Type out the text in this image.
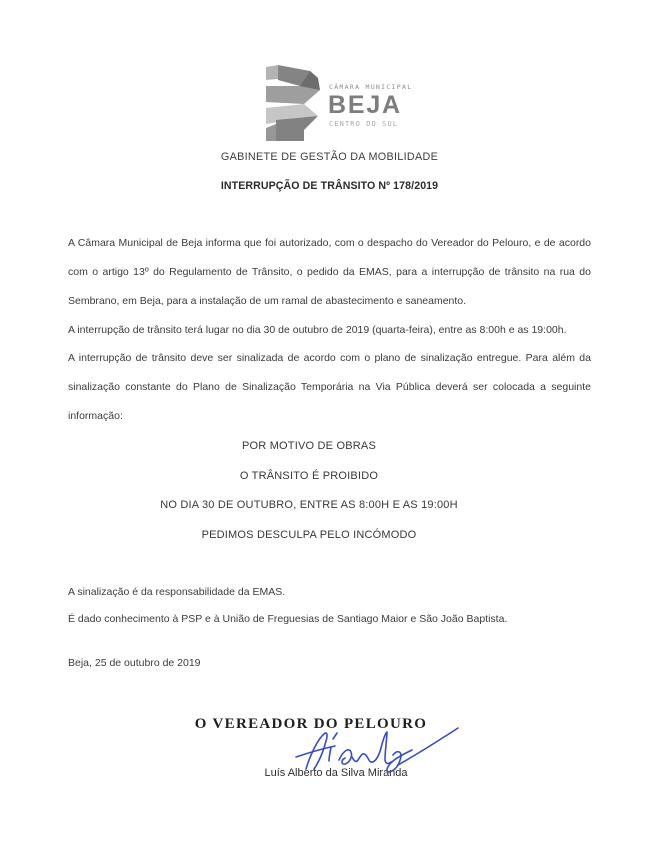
CÂMARA MUNICIPAL
BEJA
CENTRO DO SUL
GABINETE DE GESTÃO DA MOBILIDADE
INTERRUPÇÃO DE TRÂNSITO Nº 178/2019
A Câmara Municipal de Beja informa que foi autorizado, com o despacho do Vereador do Pelouro, e de acordo com o artigo 13º do Regulamento de Trânsito, o pedido da EMAS, para a interrupção de trânsito na rua do Sembrano, em Beja, para a instalação de um ramal de abastecimento e saneamento.
A interrupção de trânsito terá lugar no dia 30 de outubro de 2019 (quarta-feira), entre as 8:00h e as 19:00h.
A interrupção de trânsito deve ser sinalizada de acordo com o plano de sinalização entregue. Para além da sinalização constante do Plano de Sinalização Temporária na Via Pública deverá ser colocada a seguinte informação:
POR MOTIVO DE OBRAS
O TRÂNSITO É PROIBIDO
NO DIA 30 DE OUTUBRO, ENTRE AS 8:00H E AS 19:00H
PEDIMOS DESCULPA PELO INCÓMODO
A sinalização é da responsabilidade da EMAS.
É dado conhecimento à PSP e à União de Freguesias de Santiago Maior e São João Baptista.
Beja, 25 de outubro de 2019
O VEREADOR DO PELOURO
Luís Alberto da Silva Miranda
